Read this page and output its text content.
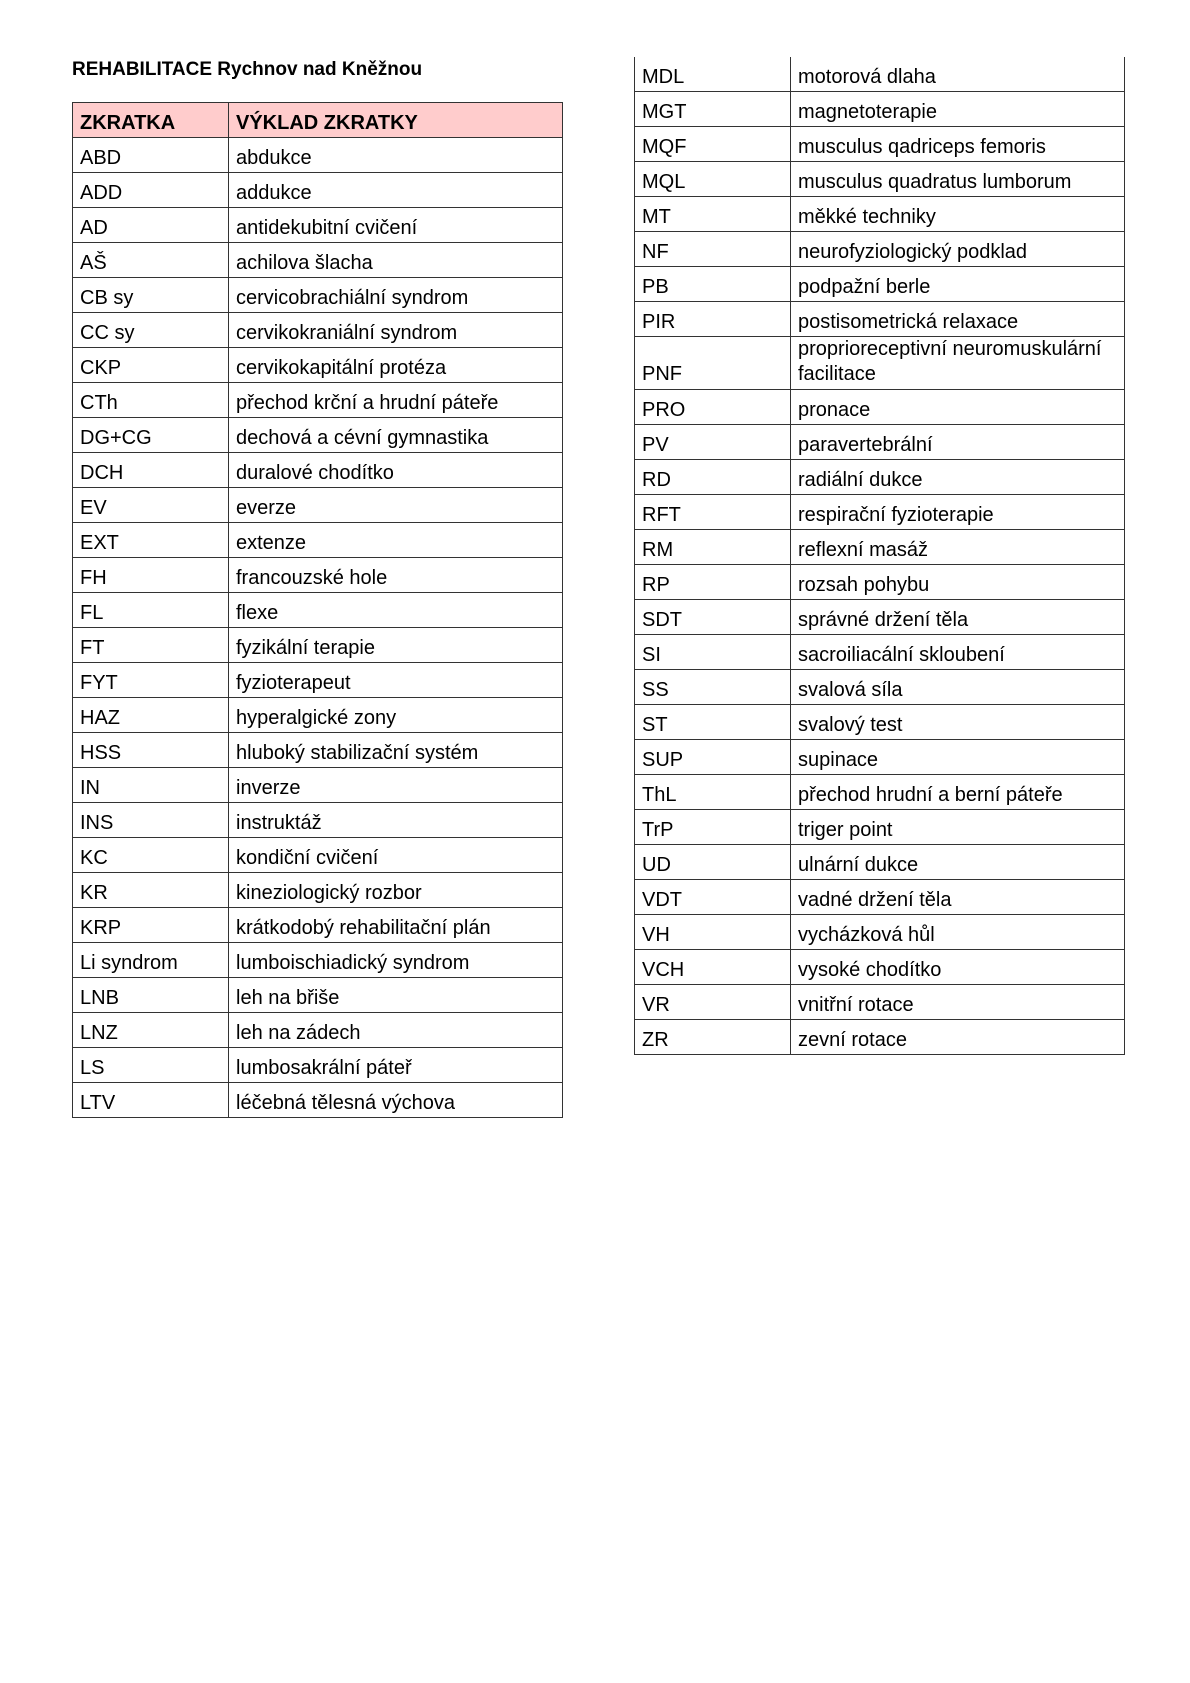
REHABILITACE Rychnov nad Kněžnou
ZKRATKA	VÝKLAD ZKRATKY
ABD	abdukce
ADD	addukce
AD	antidekubitní cvičení
AŠ	achilova šlacha
CB sy	cervicobrachiální syndrom
CC sy	cervikokraniální syndrom
CKP	cervikokapitální protéza
CTh	přechod krční a hrudní páteře
DG+CG	dechová a cévní gymnastika
DCH	duralové chodítko
EV	everze
EXT	extenze
FH	francouzské hole
FL	flexe
FT	fyzikální terapie
FYT	fyzioterapeut
HAZ	hyperalgické zony
HSS	hluboký stabilizační systém
IN	inverze
INS	instruktáž
KC	kondiční cvičení
KR	kineziologický rozbor
KRP	krátkodobý rehabilitační plán
Li syndrom	lumboischiadický syndrom
LNB	leh na břiše
LNZ	leh na zádech
LS	lumbosakrální páteř
LTV	léčebná tělesná výchova
MDL	motorová dlaha
MGT	magnetoterapie
MQF	musculus qadriceps femoris
MQL	musculus quadratus lumborum
MT	měkké techniky
NF	neurofyziologický podklad
PB	podpažní berle
PIR	postisometrická relaxace
PNF	proprioreceptivní neuromuskulární facilitace
PRO	pronace
PV	paravertebrální
RD	radiální dukce
RFT	respirační fyzioterapie
RM	reflexní masáž
RP	rozsah pohybu
SDT	správné držení těla
SI	sacroiliacální skloubení
SS	svalová síla
ST	svalový test
SUP	supinace
ThL	přechod hrudní a berní páteře
TrP	triger point
UD	ulnární dukce
VDT	vadné držení těla
VH	vycházková hůl
VCH	vysoké chodítko
VR	vnitřní rotace
ZR	zevní rotace
